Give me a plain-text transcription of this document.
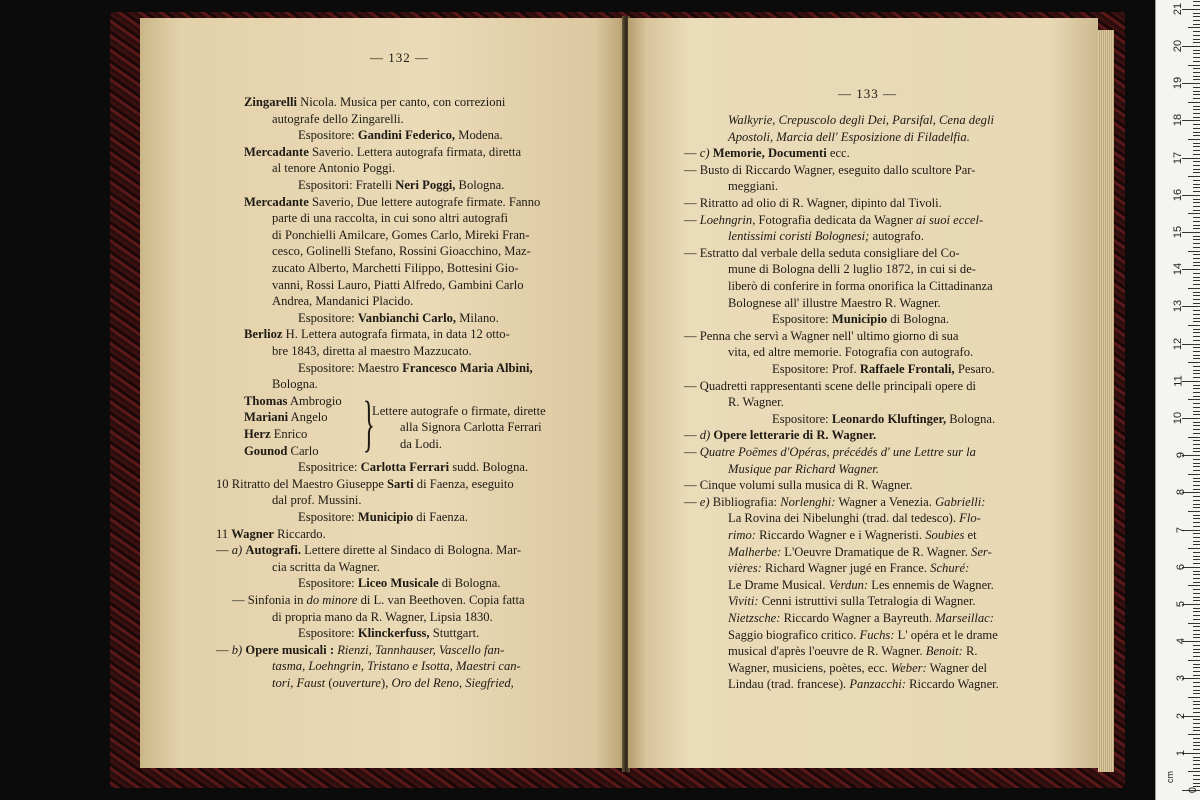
— 132 —
Zingarelli Nicola. Musica per canto, con correzioni
autografe dello Zingarelli.
Espositore: Gandini Federico, Modena.
Mercadante Saverio. Lettera autografa firmata, diretta
al tenore Antonio Poggi.
Espositori: Fratelli Neri Poggi, Bologna.
Mercadante Saverio, Due lettere autografe firmate. Fanno
parte di una raccolta, in cui sono altri autografi
di Ponchielli Amilcare, Gomes Carlo, Mireki Fran-
cesco, Golinelli Stefano, Rossini Gioacchino, Maz-
zucato Alberto, Marchetti Filippo, Bottesini Gio-
vanni, Rossi Lauro, Piatti Alfredo, Gambini Carlo
Andrea, Mandanici Placido.
Espositore: Vanbianchi Carlo, Milano.
Berlioz H. Lettera autografa firmata, in data 12 otto-
bre 1843, diretta al maestro Mazzucato.
Espositore: Maestro Francesco Maria Albini,
Bologna.
Thomas Ambrogio
Mariani Angelo
Herz Enrico
Gounod Carlo
Espositrice: Carlotta Ferrari sudd. Bologna.
10 Ritratto del Maestro Giuseppe Sarti di Faenza, eseguito
dal prof. Mussini.
Espositore: Municipio di Faenza.
11 Wagner Riccardo.
— a) Autografi. Lettere dirette al Sindaco di Bologna. Mar-
cia scritta da Wagner.
Espositore: Liceo Musicale di Bologna.
— Sinfonia in do minore di L. van Beethoven. Copia fatta
di propria mano da R. Wagner, Lipsia 1830.
Espositore: Klinckerfuss, Stuttgart.
— b) Opere musicali : Rienzi, Tannhauser, Vascello fan-
tasma, Loehngrin, Tristano e Isotta, Maestri can-
tori, Faust (ouverture), Oro del Reno, Siegfried,
}
Lettere autografe o firmate, dirette
alla Signora Carlotta Ferrari
da Lodi.
— 133 —
Walkyrie, Crepuscolo degli Dei, Parsifal, Cena degli
Apostoli, Marcia dell' Esposizione di Filadelfia.
— c) Memorie, Documenti ecc.
— Busto di Riccardo Wagner, eseguito dallo scultore Par-
meggiani.
— Ritratto ad olio di R. Wagner, dipinto dal Tivoli.
— Loehngrin, Fotografia dedicata da Wagner ai suoi eccel-
lentissimi coristi Bolognesi; autografo.
— Estratto dal verbale della seduta consigliare del Co-
mune di Bologna delli 2 luglio 1872, in cui si de-
liberò di conferire in forma onorifica la Cittadinanza
Bolognese all' illustre Maestro R. Wagner.
Espositore: Municipio di Bologna.
— Penna che servì a Wagner nell' ultimo giorno di sua
vita, ed altre memorie. Fotografia con autografo.
Espositore: Prof. Raffaele Frontali, Pesaro.
— Quadretti rappresentanti scene delle principali opere di
R. Wagner.
Espositore: Leonardo Kluftinger, Bologna.
— d) Opere letterarie di R. Wagner.
— Quatre Poëmes d'Opéras, précédés d' une Lettre sur la
Musique par Richard Wagner.
— Cinque volumi sulla musica di R. Wagner.
— e) Bibliografia: Norlenghi: Wagner a Venezia. Gabrielli:
La Rovina dei Nibelunghi (trad. dal tedesco). Flo-
rimo: Riccardo Wagner e i Wagneristi. Soubies et
Malherbe: L'Oeuvre Dramatique de R. Wagner. Ser-
vières: Richard Wagner jugé en France. Schuré:
Le Drame Musical. Verdun: Les ennemis de Wagner.
Viviti: Cenni istruttivi sulla Tetralogia di Wagner.
Nietzsche: Riccardo Wagner a Bayreuth. Marseillac:
Saggio biografico critico. Fuchs: L' opéra et le drame
musical d'après l'oeuvre de R. Wagner. Benoit: R.
Wagner, musiciens, poètes, ecc. Weber: Wagner del
Lindau (trad. francese). Panzacchi: Riccardo Wagner.
0
1
2
3
4
5
6
7
8
9
10
11
12
13
14
15
16
17
18
19
20
21
cm
